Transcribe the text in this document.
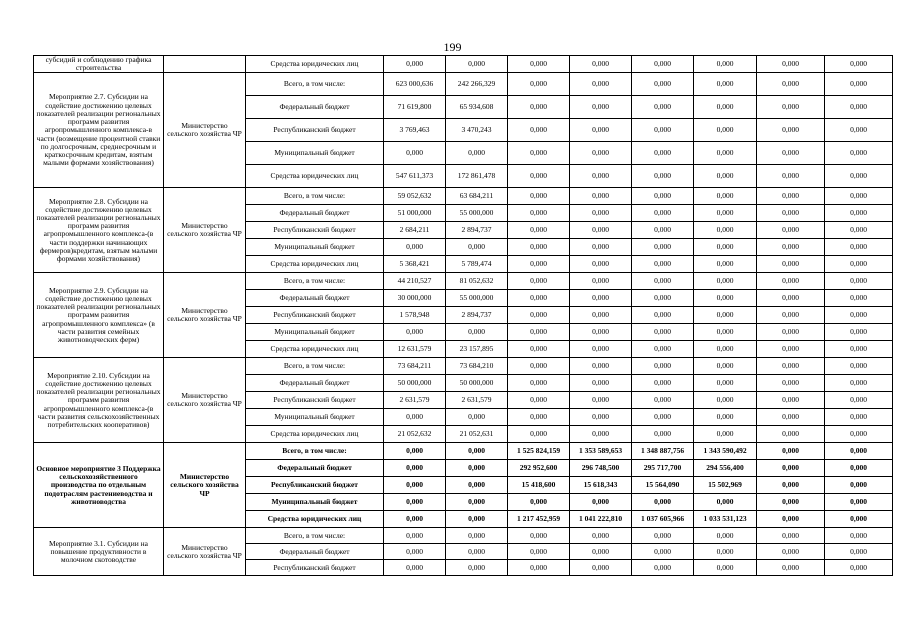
199
субсидий и соблюдению графика строительства		Средства юридических лиц	0,000	0,000	0,000	0,000	0,000	0,000	0,000	0,000
Мероприятие 2.7. Субсидии на содействие достижению целевых показателей реализации региональных программ развития агропромышленного комплекса-в части (возмещение процентной ставки по долгосрочным, среднесрочным и краткосрочным кредитам, взятым малыми формами хозяйствования)	Министерство сельского хозяйства ЧР	Всего, в том числе:	623 000,636	242 266,329	0,000	0,000	0,000	0,000	0,000	0,000
		Федеральный бюджет	71 619,800	65 934,608	0,000	0,000	0,000	0,000	0,000	0,000
		Республиканский бюджет	3 769,463	3 470,243	0,000	0,000	0,000	0,000	0,000	0,000
		Муниципальный бюджет	0,000	0,000	0,000	0,000	0,000	0,000	0,000	0,000
		Средства юридических лиц	547 611,373	172 861,478	0,000	0,000	0,000	0,000	0,000	0,000
Мероприятие 2.8. Субсидии на содействие достижению целевых показателей реализации региональных программ развития агропромышленного комплекса-(в части поддержки начинающих фермеров)кредитам, взятым малыми формами хозяйствования)	Министерство сельского хозяйства ЧР	Всего, в том числе:	59 052,632	63 684,211	0,000	0,000	0,000	0,000	0,000	0,000
		Федеральный бюджет	51 000,000	55 000,000	0,000	0,000	0,000	0,000	0,000	0,000
		Республиканский бюджет	2 684,211	2 894,737	0,000	0,000	0,000	0,000	0,000	0,000
		Муниципальный бюджет	0,000	0,000	0,000	0,000	0,000	0,000	0,000	0,000
		Средства юридических лиц	5 368,421	5 789,474	0,000	0,000	0,000	0,000	0,000	0,000
Мероприятие 2.9. Субсидии на содействие достижению целевых показателей реализации региональных программ развития агропромышленного комплекса» (в части развития семейных животноводческих ферм)	Министерство сельского хозяйства ЧР	Всего, в том числе:	44 210,527	81 052,632	0,000	0,000	0,000	0,000	0,000	0,000
		Федеральный бюджет	30 000,000	55 000,000	0,000	0,000	0,000	0,000	0,000	0,000
		Республиканский бюджет	1 578,948	2 894,737	0,000	0,000	0,000	0,000	0,000	0,000
		Муниципальный бюджет	0,000	0,000	0,000	0,000	0,000	0,000	0,000	0,000
		Средства юридических лиц	12 631,579	23 157,895	0,000	0,000	0,000	0,000	0,000	0,000
Мероприятие 2.10. Субсидии на содействие достижению целевых показателей реализации региональных программ развития агропромышленного комплекса-(в части развития сельскохозяйственных потребительских кооперативов)	Министерство сельского хозяйства ЧР	Всего, в том числе:	73 684,211	73 684,210	0,000	0,000	0,000	0,000	0,000	0,000
		Федеральный бюджет	50 000,000	50 000,000	0,000	0,000	0,000	0,000	0,000	0,000
		Республиканский бюджет	2 631,579	2 631,579	0,000	0,000	0,000	0,000	0,000	0,000
		Муниципальный бюджет	0,000	0,000	0,000	0,000	0,000	0,000	0,000	0,000
		Средства юридических лиц	21 052,632	21 052,631	0,000	0,000	0,000	0,000	0,000	0,000
Основное мероприятие 3 Поддержка сельскохозяйственного производства по отдельным подотраслям растениеводства и животноводства	Министерство сельского хозяйства ЧР	Всего, в том числе:	0,000	0,000	1 525 824,159	1 353 589,653	1 348 887,756	1 343 590,492	0,000	0,000
		Федеральный бюджет	0,000	0,000	292 952,600	296 748,500	295 717,700	294 556,400	0,000	0,000
		Республиканский бюджет	0,000	0,000	15 418,600	15 618,343	15 564,090	15 502,969	0,000	0,000
		Муниципальный бюджет	0,000	0,000	0,000	0,000	0,000	0,000	0,000	0,000
		Средства юридических лиц	0,000	0,000	1 217 452,959	1 041 222,810	1 037 605,966	1 033 531,123	0,000	0,000
Мероприятие 3.1. Субсидии на повышение продуктивности в молочном скотоводстве	Министерство сельского хозяйства ЧР	Всего, в том числе:	0,000	0,000	0,000	0,000	0,000	0,000	0,000	0,000
		Федеральный бюджет	0,000	0,000	0,000	0,000	0,000	0,000	0,000	0,000
		Республиканский бюджет	0,000	0,000	0,000	0,000	0,000	0,000	0,000	0,000
